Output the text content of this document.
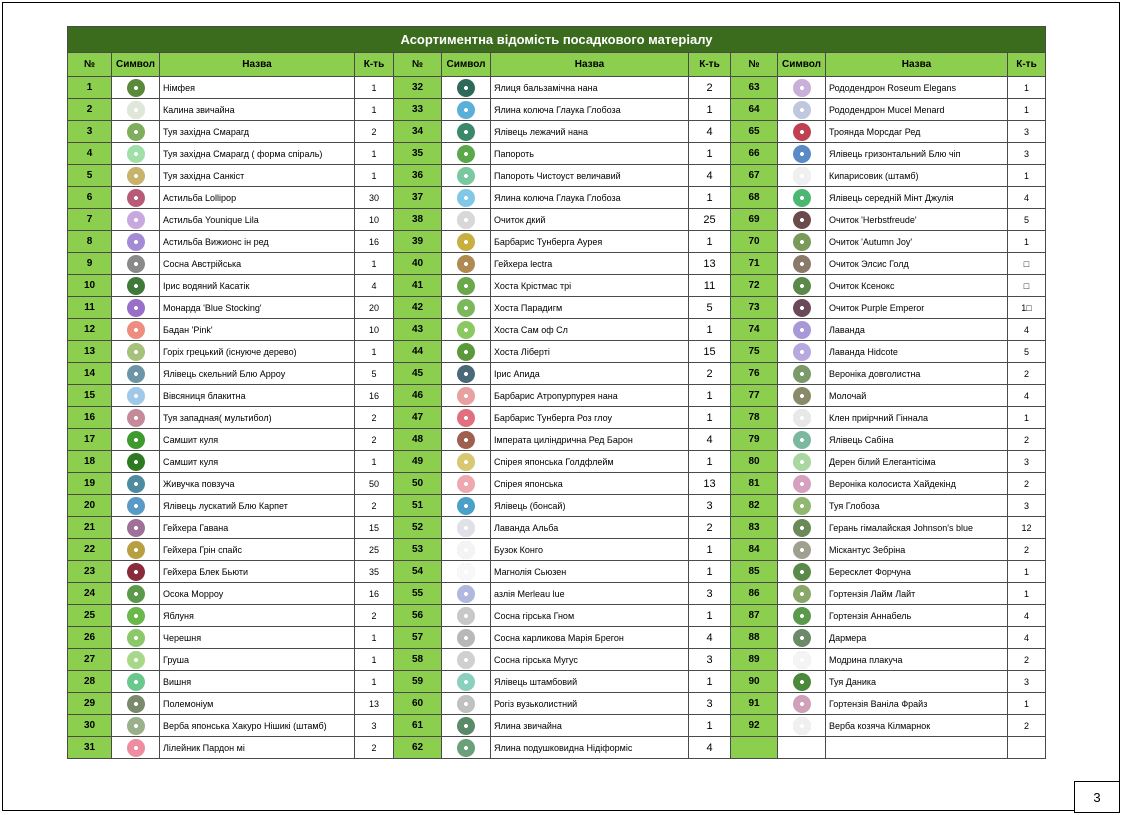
Асортиментна відомість посадкового матеріалу
№	Символ	Назва	К-ть	№	Символ	Назва	К-ть	№	Символ	Назва	К-ть
1		Німфея	1	32		Ялиця бальзамічна нана	2	63		Рододендрон Roseum Elegans	1
2		Калина звичайна	1	33		Ялина колюча Глаука Глобоза	1	64		Рододендрон Mucel Menard	1
3		Туя західна Смарагд	2	34		Ялівець лежачий нана	4	65		Троянда Морсдаг Ред	3
4		Туя західна Смарагд ( форма спіраль)	1	35		Папороть	1	66		Ялівець гризонтальний Блю чіп	3
5		Туя західна Санкіст	1	36		Папороть Чистоуст величавий	4	67		Кипарисовик (штамб)	1
6		Астильба Lollipop	30	37		Ялина колюча Глаука Глобоза	1	68		Ялівець середній Мінт Джулія	4
7		Астильба Younique Lila	10	38		Очиток дкий	25	69		Очиток 'Herbstfreude'	5
8		Астильба Вижионс ін ред	16	39		Барбарис Тунберга Аурея	1	70		Очиток 'Autumn Joy'	1
9		Сосна Австрійська	1	40		Гейхера lectra	13	71		Очиток Элсис Голд	□
10		Ірис водяний Касатік	4	41		Хоста Крістмас трі	11	72		Очиток Ксенокс	□
11		Монарда 'Blue Stocking'	20	42		Хоста Парадигм	5	73		Очиток Purple Emperor	1□
12		Бадан 'Pink'	10	43		Хоста Сам оф Сл	1	74		Лаванда	4
13		Горіх грецький (існуюче дерево)	1	44		Хоста Ліберті	15	75		Лаванда Hidcote	5
14		Ялівець скельний Блю Арроу	5	45		Ірис Апида	2	76		Вероніка довголистна	2
15		Вівсяниця блакитна	16	46		Барбарис Атропурпурея нана	1	77		Молочай	4
16		Туя западная( мультибол)	2	47		Барбарис Тунберга Роз глоу	1	78		Клен приірчний Гіннала	1
17		Самшит куля	2	48		Імперата циліндрична Ред Барон	4	79		Ялівець Сабіна	2
18		Самшит куля	1	49		Спірея японська Голдфлейм	1	80		Дерен білий Елегантісіма	3
19		Живучка повзуча	50	50		Спірея японська	13	81		Вероніка колосиста Хайдекінд	2
20		Ялівець лускатий Блю Карпет	2	51		Ялівець (бонсай)	3	82		Туя Глобоза	3
21		Гейхера Гавана	15	52		Лаванда Альба	2	83		Герань гімалайская Johnson's blue	12
22		Гейхера Грін спайс	25	53		Бузок Конго	1	84		Міскантус Зебріна	2
23		Гейхера Блек Бьюти	35	54		Магнолія Сьюзен	1	85		Бересклет Форчуна	1
24		Осока Морроу	16	55		азлія Merleau lue	3	86		Гортензія Лайм Лайт	1
25		Яблуня	2	56		Сосна гірська Гном	1	87		Гортензія Аннабель	4
26		Черешня	1	57		Сосна карликова Марія Брегон	4	88		Дармера	4
27		Груша	1	58		Сосна гірська Мугус	3	89		Модрина плакуча	2
28		Вишня	1	59		Ялівець штамбовий	1	90		Туя Даника	3
29		Полемоніум	13	60		Рогіз вузьколистний	3	91		Гортензія Ваніла Фрайз	1
30		Верба японська Хакуро Нішикі (штамб)	3	61		Ялина звичайна	1	92		Верба козяча Кілмарнок	2
31		Лілейник Пардон мі	2	62		Ялина подушковидна Нідіформіс	4				
3
